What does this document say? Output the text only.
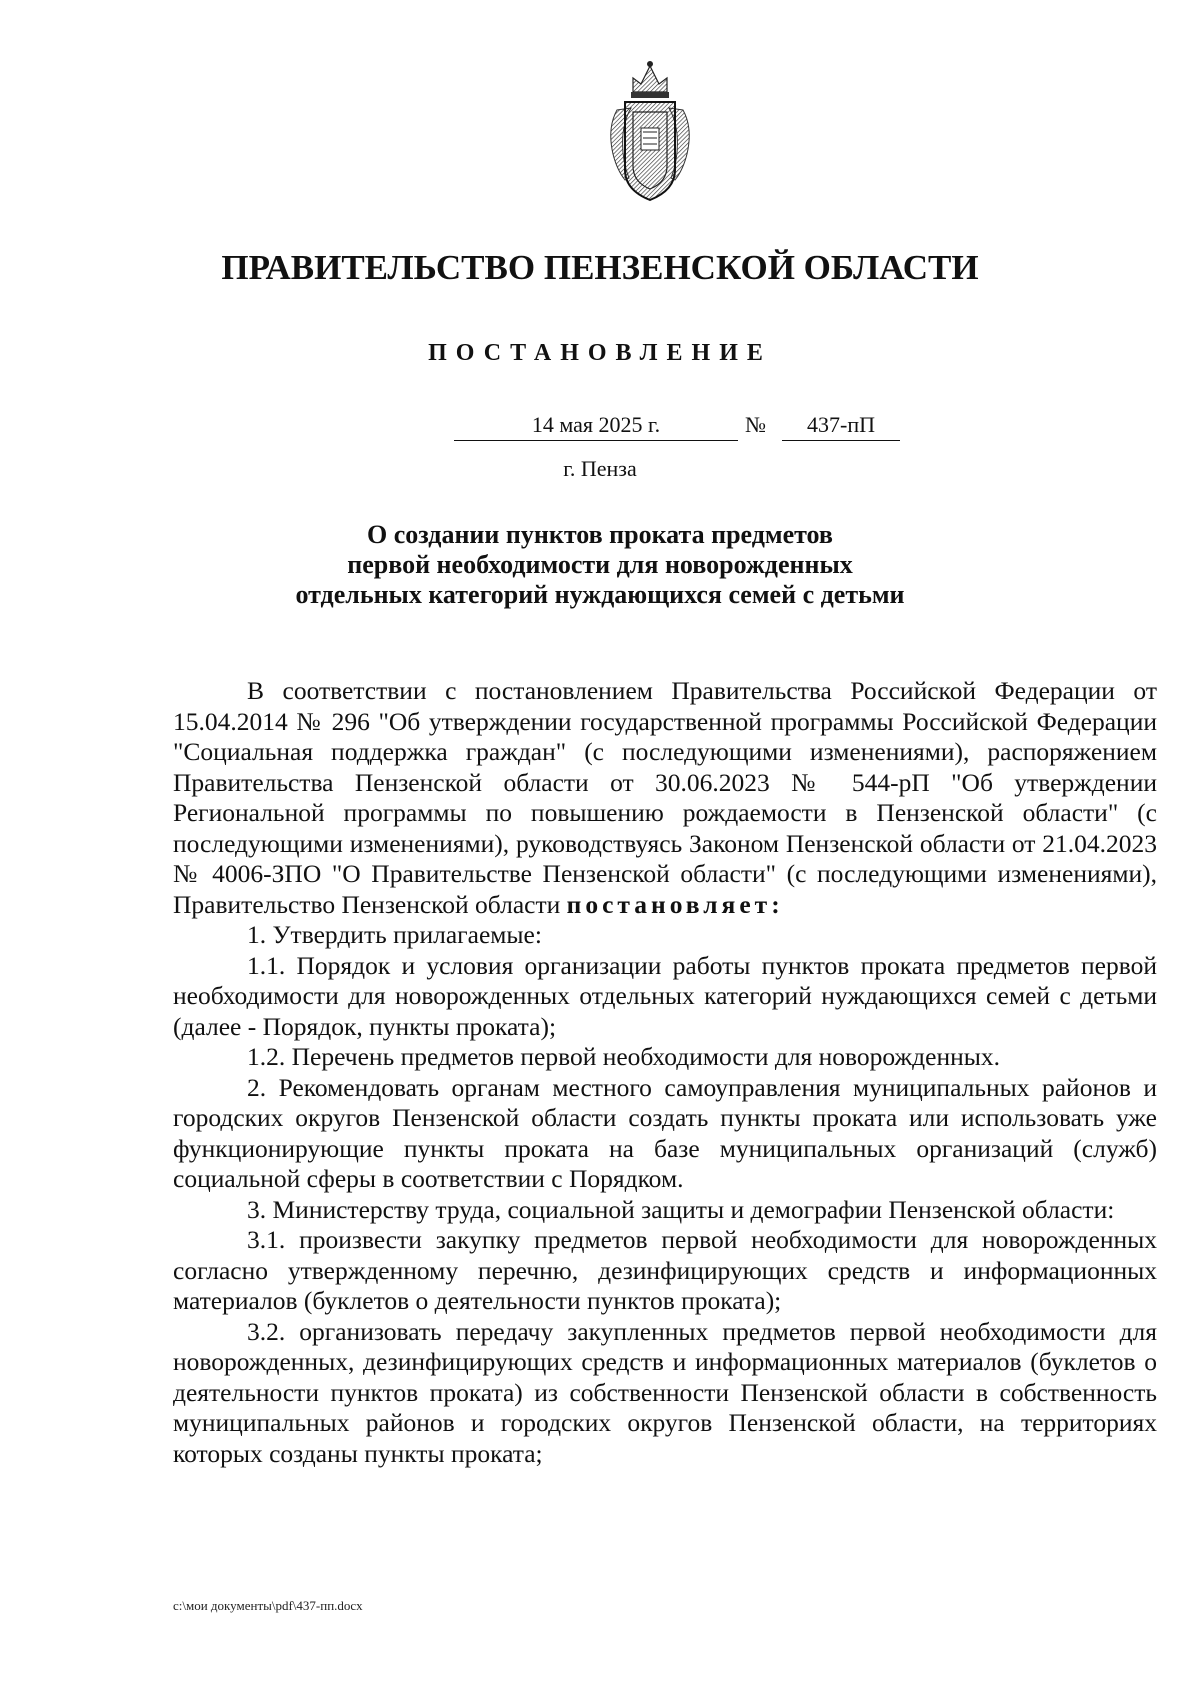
ПРАВИТЕЛЬСТВО ПЕНЗЕНСКОЙ ОБЛАСТИ
ПОСТАНОВЛЕНИЕ
14 мая 2025 г.	№	437-пП
г. Пенза
О создании пунктов проката предметов
первой необходимости для новорожденных
отдельных категорий нуждающихся семей с детьми

В соответствии с постановлением Правительства Российской Федерации от 15.04.2014 № 296 "Об утверждении государственной программы Российской Федерации "Социальная поддержка граждан" (с последующими изменениями), распоряжением Правительства Пензенской области от 30.06.2023 № 544-рП "Об утверждении Региональной программы по повышению рождаемости в Пензенской области" (с последующими изменениями), руководствуясь Законом Пензенской области от 21.04.2023 № 4006-ЗПО "О Правительстве Пензенской области" (с последующими изменениями), Правительство Пензенской области постановляет:

1. Утвердить прилагаемые:

1.1. Порядок и условия организации работы пунктов проката предметов первой необходимости для новорожденных отдельных категорий нуждающихся семей с детьми (далее - Порядок, пункты проката);

1.2. Перечень предметов первой необходимости для новорожденных.

2. Рекомендовать органам местного самоуправления муниципальных районов и городских округов Пензенской области создать пункты проката или использовать уже функционирующие пункты проката на базе муниципальных организаций (служб) социальной сферы в соответствии с Порядком.

3. Министерству труда, социальной защиты и демографии Пензенской области:

3.1. произвести закупку предметов первой необходимости для новорожденных согласно утвержденному перечню, дезинфицирующих средств и информационных материалов (буклетов о деятельности пунктов проката);

3.2. организовать передачу закупленных предметов первой необходимости для новорожденных, дезинфицирующих средств и информационных материалов (буклетов о деятельности пунктов проката) из собственности Пензенской области в собственность муниципальных районов и городских округов Пензенской области, на территориях которых созданы пункты проката;

c:\мои документы\pdf\437-пп.docx
